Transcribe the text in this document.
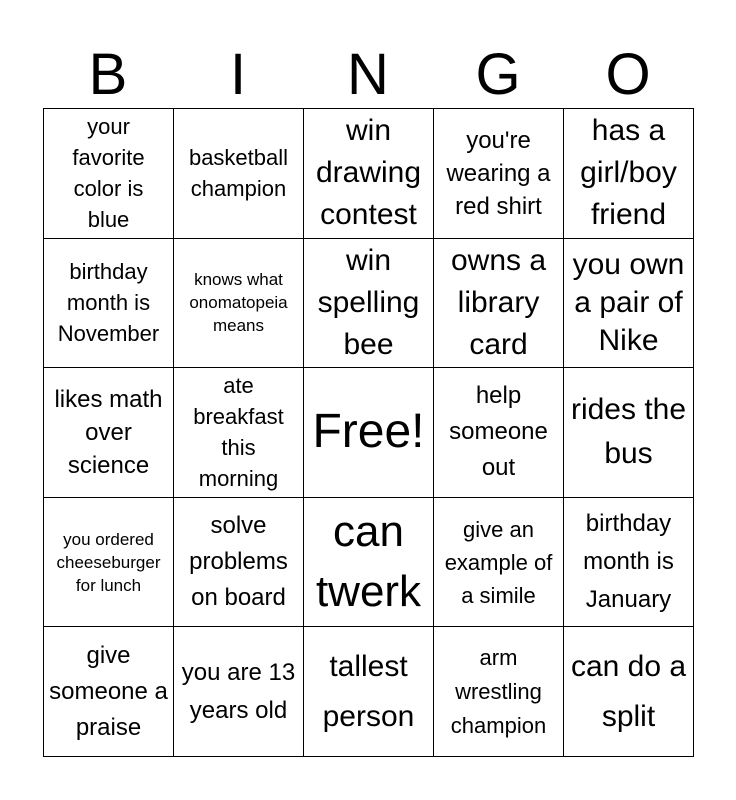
B	I	N	G	O
your favorite color is blue
basketball champion
win drawing contest
you're wearing a red shirt
has a girl/boy friend
birthday month is November
knows what onomatopeia means
win spelling bee
owns a library card
you own a pair of Nike
likes math over science
ate breakfast this morning
Free!
help someone out
rides the bus
you ordered cheeseburger for lunch
solve problems on board
can twerk
give an example of a simile
birthday month is January
give someone a praise
you are 13 years old
tallest person
arm wrestling champion
can do a split
